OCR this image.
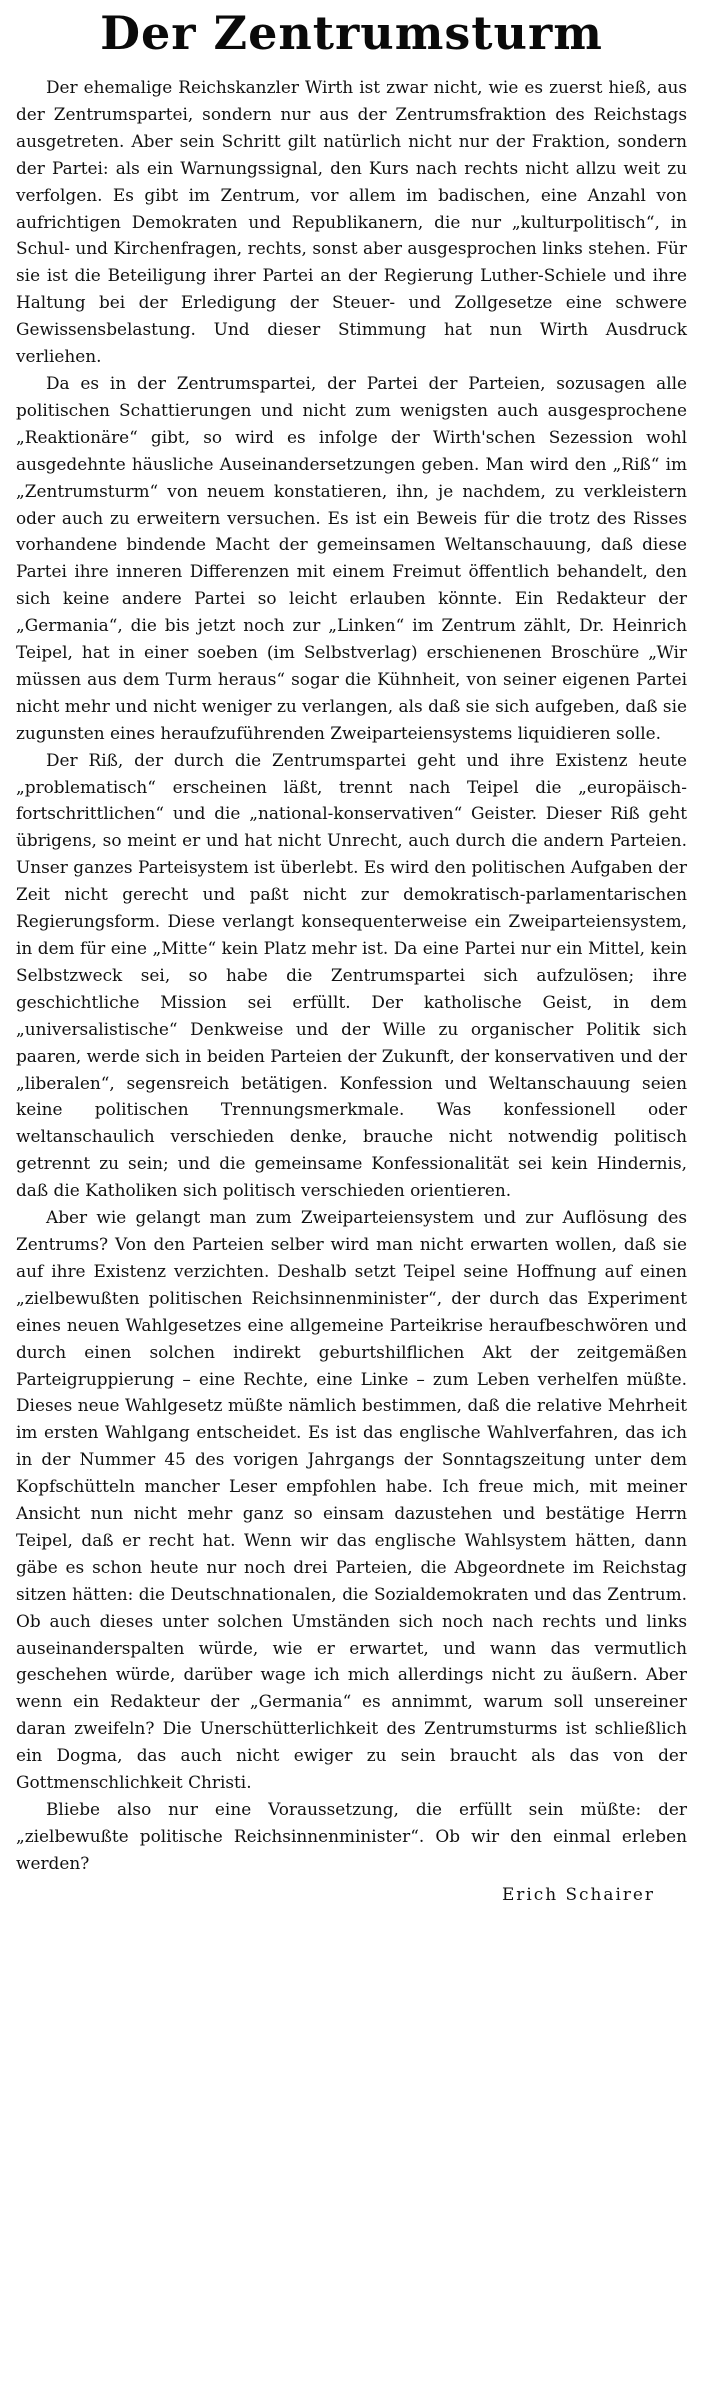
Der Zentrumsturm

Der ehemalige Reichskanzler Wirth ist zwar nicht, wie es zuerst hieß, aus der Zentrumspartei, sondern nur aus der Zentrumsfraktion des Reichstags ausgetreten. Aber sein Schritt gilt natürlich nicht nur der Fraktion, sondern der Partei: als ein Warnungssignal, den Kurs nach rechts nicht allzu weit zu verfolgen. Es gibt im Zentrum, vor allem im badischen, eine Anzahl von aufrichtigen Demokraten und Republikanern, die nur „kulturpolitisch“, in Schul- und Kirchenfragen, rechts, sonst aber ausgesprochen links stehen. Für sie ist die Beteiligung ihrer Partei an der Regierung Luther-Schiele und ihre Haltung bei der Erledigung der Steuer- und Zollgesetze eine schwere Gewissensbelastung. Und dieser Stimmung hat nun Wirth Ausdruck verliehen.

Da es in der Zentrumspartei, der Partei der Parteien, sozusagen alle politischen Schattierungen und nicht zum wenigsten auch ausgesprochene „Reaktionäre“ gibt, so wird es infolge der Wirth'schen Sezession wohl ausgedehnte häusliche Auseinandersetzungen geben. Man wird den „Riß“ im „Zentrumsturm“ von neuem konstatieren, ihn, je nachdem, zu verkleistern oder auch zu erweitern versuchen. Es ist ein Beweis für die trotz des Risses vorhandene bindende Macht der gemeinsamen Weltanschauung, daß diese Partei ihre inneren Differenzen mit einem Freimut öffentlich behandelt, den sich keine andere Partei so leicht erlauben könnte. Ein Redakteur der „Germania“, die bis jetzt noch zur „Linken“ im Zentrum zählt, Dr. Heinrich Teipel, hat in einer soeben (im Selbstverlag) erschienenen Broschüre „Wir müssen aus dem Turm heraus“ sogar die Kühnheit, von seiner eigenen Partei nicht mehr und nicht weniger zu verlangen, als daß sie sich aufgeben, daß sie zugunsten eines heraufzuführenden Zweiparteiensystems liquidieren solle.

Der Riß, der durch die Zentrumspartei geht und ihre Existenz heute „problematisch“ erscheinen läßt, trennt nach Teipel die „europäisch-fortschrittlichen“ und die „national-konservativen“ Geister. Dieser Riß geht übrigens, so meint er und hat nicht Unrecht, auch durch die andern Parteien. Unser ganzes Parteisystem ist überlebt. Es wird den politischen Aufgaben der Zeit nicht gerecht und paßt nicht zur demokratisch-parlamentarischen Regierungsform. Diese verlangt konsequenterweise ein Zweiparteiensystem, in dem für eine „Mitte“ kein Platz mehr ist. Da eine Partei nur ein Mittel, kein Selbstzweck sei, so habe die Zentrumspartei sich aufzulösen; ihre geschichtliche Mission sei erfüllt. Der katholische Geist, in dem „universalistische“ Denkweise und der Wille zu organischer Politik sich paaren, werde sich in beiden Parteien der Zukunft, der konservativen und der „liberalen“, segensreich betätigen. Konfession und Weltanschauung seien keine politischen Trennungsmerkmale. Was konfessionell oder weltanschaulich verschieden denke, brauche nicht notwendig politisch getrennt zu sein; und die gemeinsame Konfessionalität sei kein Hindernis, daß die Katholiken sich politisch verschieden orientieren.

Aber wie gelangt man zum Zweiparteiensystem und zur Auflösung des Zentrums? Von den Parteien selber wird man nicht erwarten wollen, daß sie auf ihre Existenz verzichten. Deshalb setzt Teipel seine Hoffnung auf einen „zielbewußten politischen Reichsinnenminister“, der durch das Experiment eines neuen Wahlgesetzes eine allgemeine Parteikrise heraufbeschwören und durch einen solchen indirekt geburtshilflichen Akt der zeitgemäßen Parteigruppierung – eine Rechte, eine Linke – zum Leben verhelfen müßte. Dieses neue Wahlgesetz müßte nämlich bestimmen, daß die relative Mehrheit im ersten Wahlgang entscheidet. Es ist das englische Wahlverfahren, das ich in der Nummer 45 des vorigen Jahrgangs der Sonntagszeitung unter dem Kopfschütteln mancher Leser empfohlen habe. Ich freue mich, mit meiner Ansicht nun nicht mehr ganz so einsam dazustehen und bestätige Herrn Teipel, daß er recht hat. Wenn wir das englische Wahlsystem hätten, dann gäbe es schon heute nur noch drei Parteien, die Abgeordnete im Reichstag sitzen hätten: die Deutschnationalen, die Sozialdemokraten und das Zentrum. Ob auch dieses unter solchen Umständen sich noch nach rechts und links auseinanderspalten würde, wie er erwartet, und wann das vermutlich geschehen würde, darüber wage ich mich allerdings nicht zu äußern. Aber wenn ein Redakteur der „Germania“ es annimmt, warum soll unsereiner daran zweifeln? Die Unerschütterlichkeit des Zentrumsturms ist schließlich ein Dogma, das auch nicht ewiger zu sein braucht als das von der Gottmenschlichkeit Christi.

Bliebe also nur eine Voraussetzung, die erfüllt sein müßte: der „zielbewußte politische Reichsinnenminister“. Ob wir den einmal erleben werden?

Erich Schairer
